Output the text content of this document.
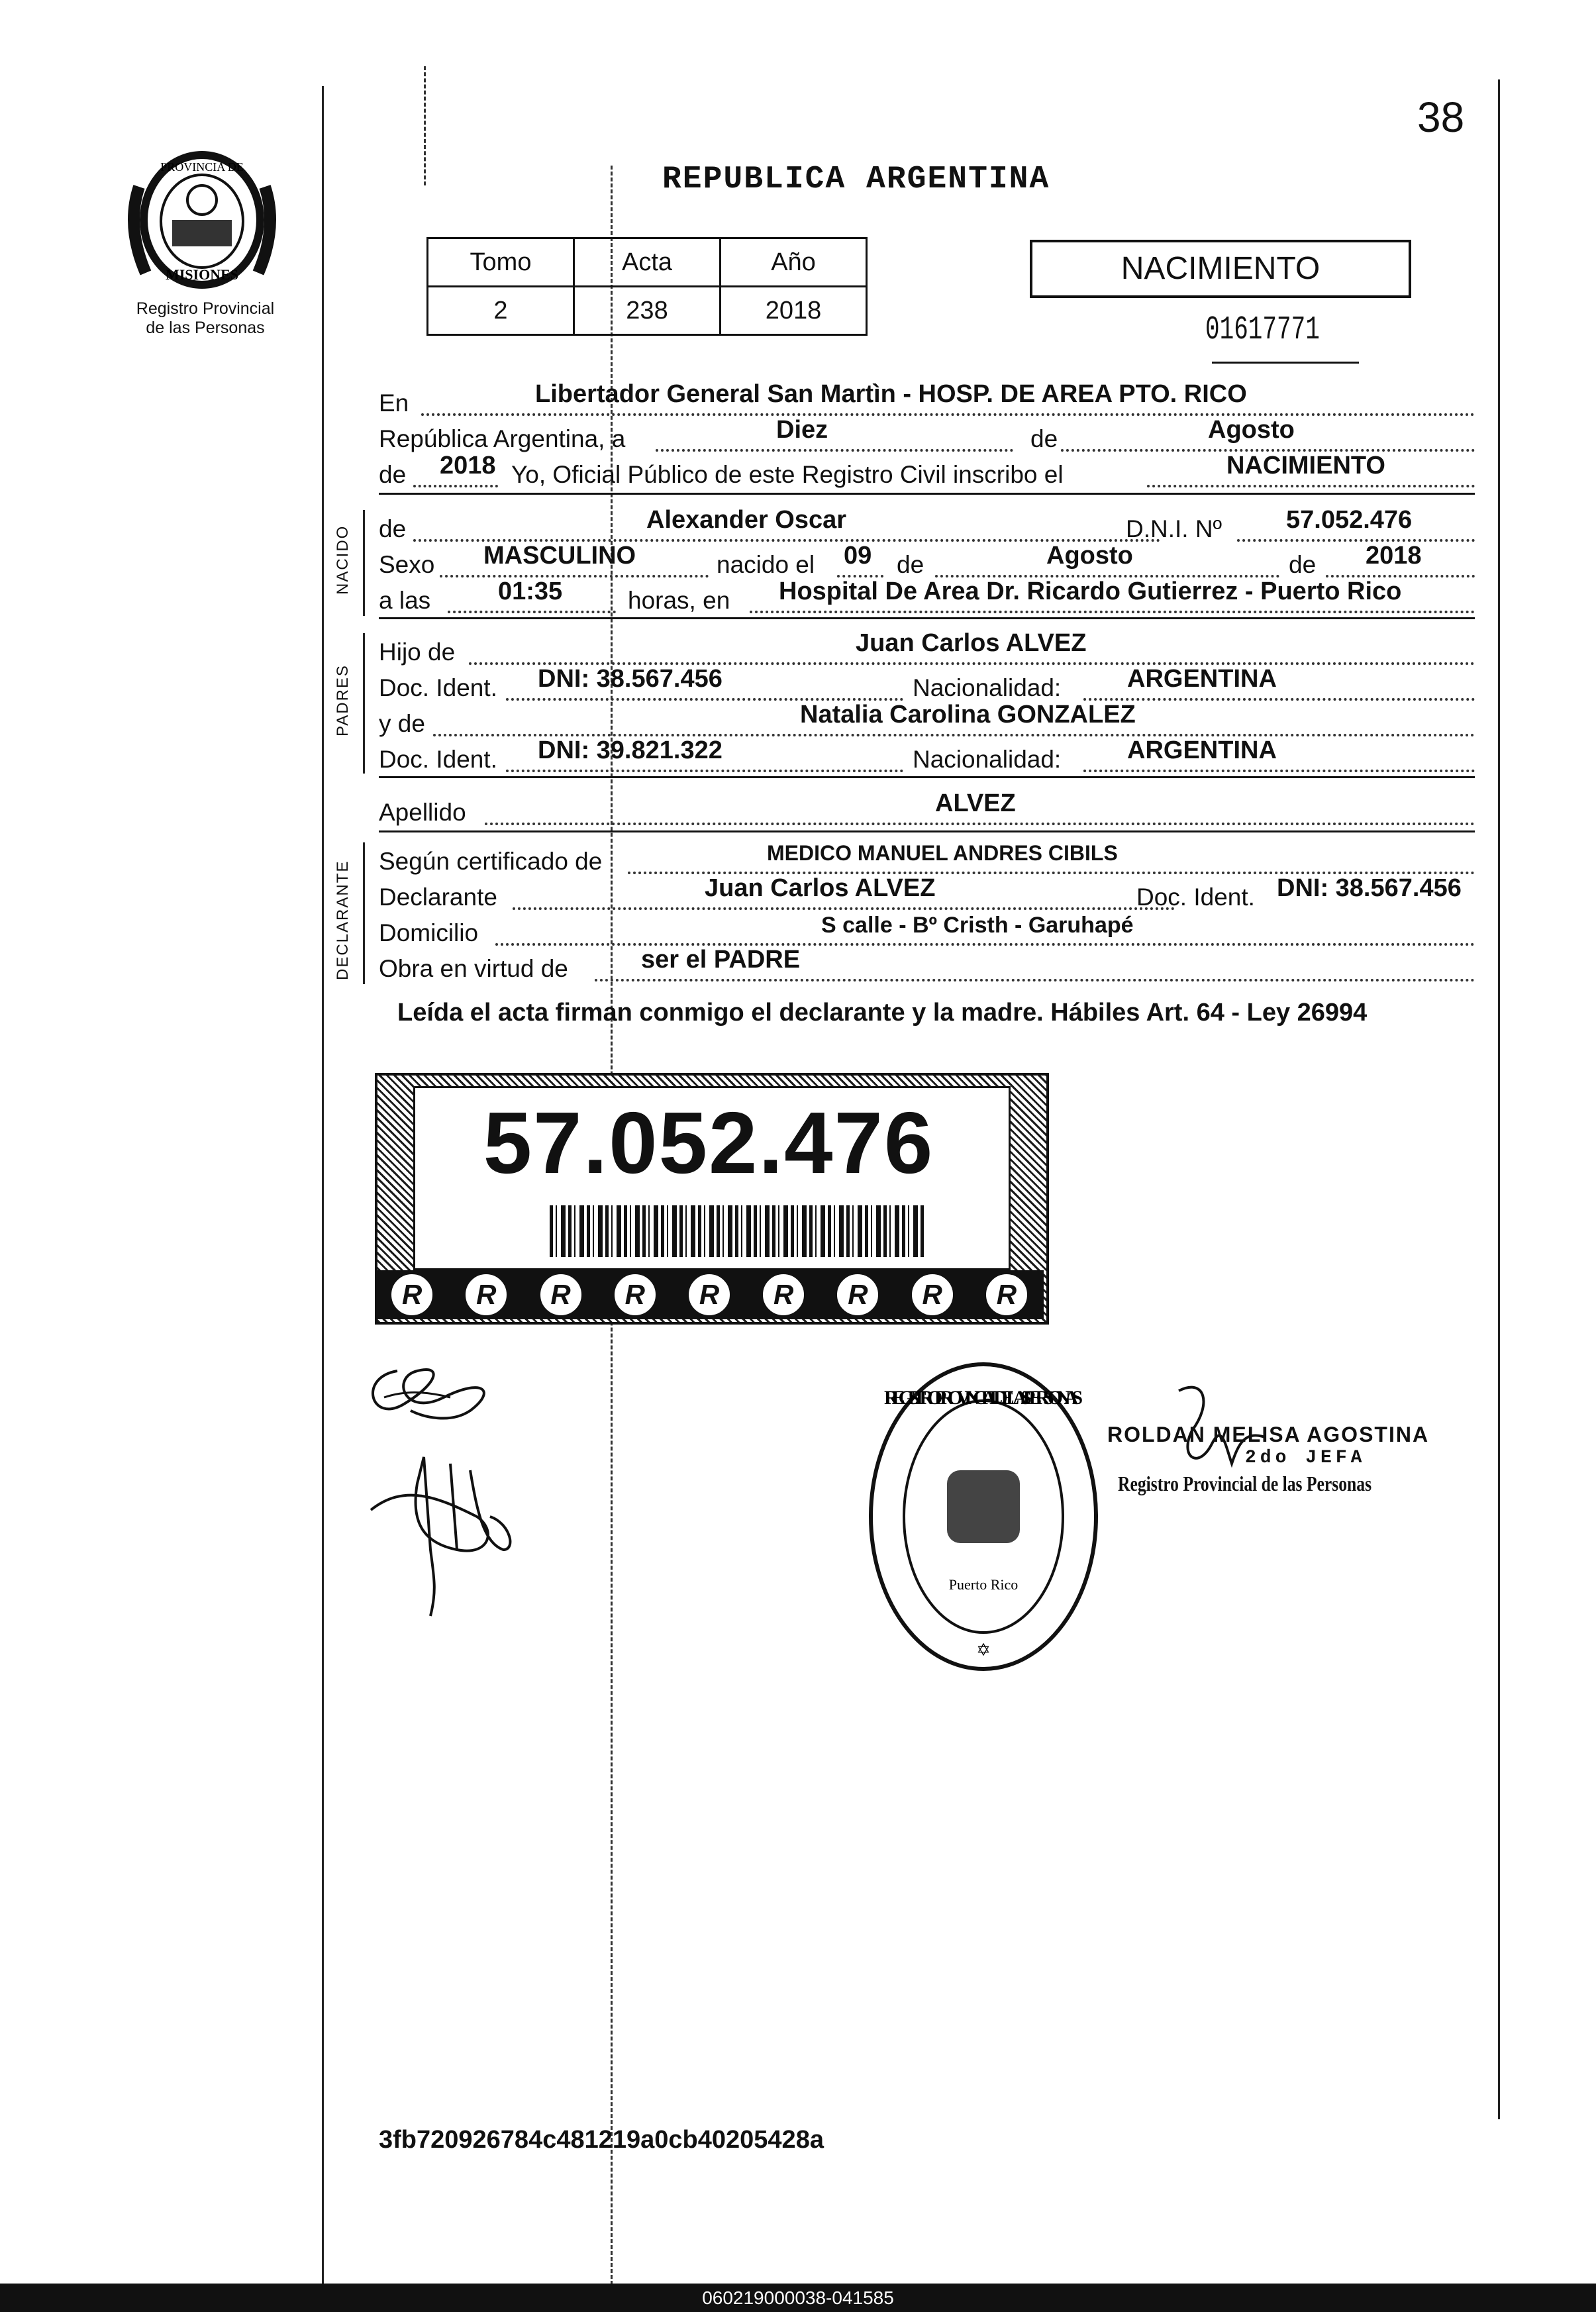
38
PROVINCIA DE
MISIONES
Registro Provincial
de las Personas
REPUBLICA ARGENTINA
Tomo	Acta	Año
2	238	2018
NACIMIENTO
01617771
En	Libertador General San Martìn - HOSP. DE AREA PTO. RICO
República Argentina, a	Diez	de	Agosto
de 2018 Yo, Oficial Público de este Registro Civil inscribo el	NACIMIENTO
NACIDO de	Alexander Oscar	D.N.I. Nº	57.052.476
Sexo MASCULINO	nacido el 09 de	Agosto	de 2018
a las	01:35	horas, en Hospital De Area Dr. Ricardo Gutierrez - Puerto Rico
PADRES
Hijo de	Juan Carlos ALVEZ
Doc. Ident. DNI: 38.567.456	Nacionalidad:	ARGENTINA
y de	Natalia Carolina GONZALEZ
Doc. Ident. DNI: 39.821.322	Nacionalidad:	ARGENTINA
Apellido	ALVEZ
DECLARANTE Según certificado de	MEDICO MANUEL ANDRES CIBILS
Declarante	Juan Carlos ALVEZ	Doc. Ident. DNI: 38.567.456
Domicilio	S calle - Bº Cristh - Garuhapé
Obra en virtud de	ser el PADRE
Leída el acta firman conmigo el declarante y la madre. Hábiles Art. 64 - Ley 26994
57.052.476
R	R	R	R	R	R	R	R	R
REGISTRO PROVINCIAL DE LAS PERSONAS
Puerto Rico
✡
ROLDAN MELISA AGOSTINA
2do JEFA
Registro Provincial de las Personas
3fb720926784c481219a0cb40205428a
060219000038-041585
